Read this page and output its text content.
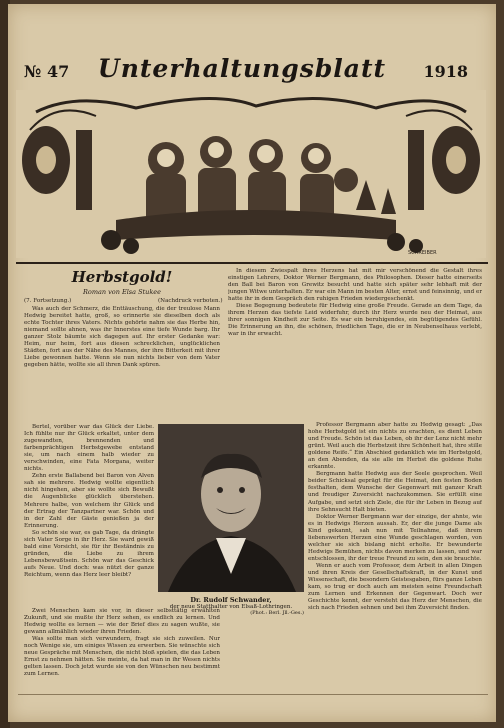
№ 47 Unterhaltungsblatt	1918
SCHREIBER
Herbstgold!
Roman von Elsa Stukee
(7. Fortsetzung.)	(Nachdruck verboten.)

Was auch der Schmerz, die Enttäuschung, die der treulose Mann Hedwig bereitet hatte, groß, so erinnerte sie dieselben doch als echte Tochter ihres Vaters. Nichts gehörte nahm sie das Herbe hin, niemand sollte ahnen, was ihr Innerstes eine tiefe Wunde barg. Ihr ganzer Stolz bäumte sich dagegen auf. Ihr erster Gedanke war: Heim, nur heim, fort aus diesen schrecklichen, unglücklichen Städten, fort aus der Nähe des Mannes, der ihre Bitterkeit mit ihrer Liebe gewonnen hatte. Wenn sie nun nichts lieber von dem Vater gegeben hätte, wollte sie all ihren Dank spüren.

Bertel, vorüber war das Glück der Liebe. Ich fühlte nur ihr Glück erkaltet, unter dem zugewandten, brennenden und farbenprächtigen Herbstgewebe entstand sie, um nach einem halb wieder zu verschwinden, eine Fata Morgana, weiter nichts.

Zehn erste Ballabend bei Baron von Alven sah sie mehrere. Hedwig wollte eigentlich nicht hingehen, aber sie wollte sich Bewußt die Augenblicke glücklich überstehen. Mehrere halbe, von welchem ihr Glück und der Ertrag der Tanzpartner war. Schön und in der Zahl der Gäste genießen ja der Erinnerung.

So schön sie war, es gab Tage, da drängte sich Vater Sorge in ihr Herz. Sie ward gewiß bald eine Vorsicht, sie für ihr Beständnis zu gründen, die Liebe zu ihrem Lebensbewußtsein. Schön war das Geschick aufs Neue. Und doch: was nützt der ganze Reichtum, wenn das Herz leer bleibt?

Zwei Menschen kam sie vor, in dieser selbsttätig erwählten Zukunft, und sie mußte ihr Herz sehen, es endlich zu lernen. Und Hedwig wollte es lernen — wie der Brief dies zu sagen wußte, sie gewann allmählich wieder ihren Frieden.

Was sollte man sich verwundern, fragt sie sich zuweilen. Nur noch Wenige sie, um einiges Wissen zu erwerben. Sie wünschte sich neue Gespräche mit Menschen, die nicht bloß spielen, die das Leben Ernst zu nehmen hätten. Sie meinte, da hat man in ihr Wesen nichts gelten lassen. Doch jetzt wurde sie von den Wünschen neu bestimmt zum Lernen.

In diesem Zwiespalt ihres Herzens hat mit mir verschönend die Gestalt ihres einstigen Lehrers, Doktor Werner Bergmann, des Philosophen. Dieser hatte einerseits den Ball bei Baron von Grewitz besucht und hatte sich später sehr lebhaft mit der jungen Witwe unterhalten. Er war ein Mann im besten Alter, ernst und feinsinnig, und er hatte ihr in dem Gespräch den ruhigen Frieden wiedergeschenkt.

Diese Begegnung bedeutete für Hedwig eine große Freude. Gerade an dem Tage, da ihrem Herzen das tiefste Leid widerfuhr, durch ihr Herz wurde neu der Heimat, aus ihrer sonnigen Kindheit zur Seite. Es war ein beruhigendes, ein begütigendes Gefühl. Die Erinnerung an ihn, die schönen, friedlichen Tage, die er in Neubenselhaus verlebt, war in ihr erwacht.

Professor Bergmann aber hatte zu Hedwig gesagt: „Das hohe Herbstgold ist ein nichts zu erachten, es dient Leben und Freude. Schön ist das Leben, ob ihr der Lenz nicht mehr grünt. Weil auch die Herbstzeit ihre Schönheit hat, ihre stille goldene Reife.“ Ein Abschied gedanklich wie im Herbstgold, an den Abenden, da sie alle im Herbst die goldene Ruhe erkannte.

Bergmann hatte Hedwig aus der Seele gesprochen. Weil beider Schicksal geprägt für die Heimat, den festen Boden festhalten, dem Wunsche der Gegenwart mit ganzer Kraft und freudiger Zuversicht nachzukommen. Sie erfüllt eine Aufgabe, und setzt sich Ziele, die für ihr Leben in Bezug auf ihre Sehnsucht Halt bieten.

Doktor Werner Bergmann war der einzige, der ahnte, wie es in Hedwigs Herzen aussah. Er, der die junge Dame als Kind gekannt, sah nun mit Teilnahme, daß ihrem liebenswerten Herzen eine Wunde geschlagen worden, von welcher sie sich bislang nicht erholte. Er bewunderte Hedwigs Bemühen, nichts davon merken zu lassen, und war entschlossen, ihr der treue Freund zu sein, den sie brauchte.

Wenn er auch vom Professor, dem Arbeit in allen Dingen und ihren Kreis der Gesellschaftskraft, in der Kunst und Wissenschaft, die besondern Geistesgaben, fürs ganze Leben kam, so trug er doch auch am meisten seine Freundschaft zum Lernen und Erkennen der Gegenwart. Doch wer Geschichte kennt, der versteht das Herz der Menschen, die sich nach Frieden sehnen und bei ihm Zuversicht finden.

Dr. Rudolf Schwander,
der neue Statthalter von Elsaß-Lothringen.
(Phot.: Berl. Jll.-Ges.)
